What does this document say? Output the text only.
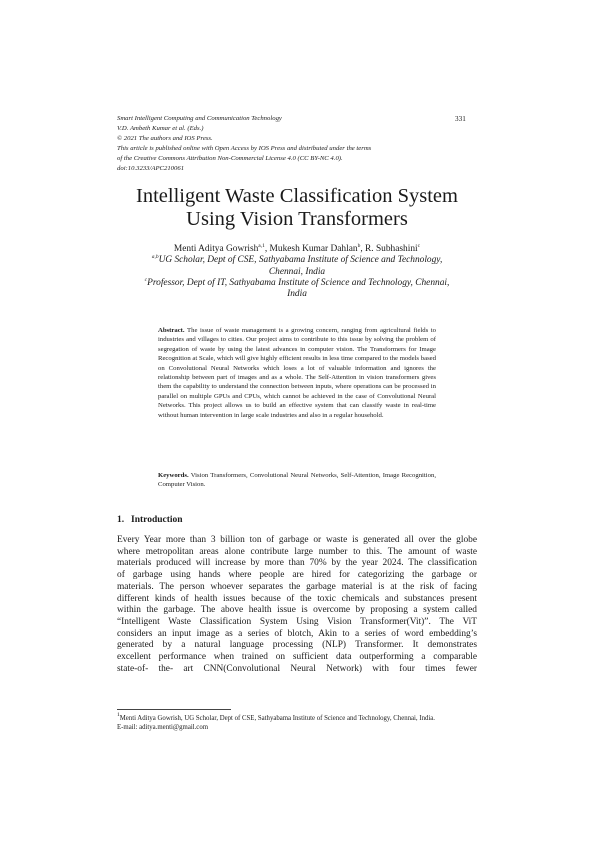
Smart Intelligent Computing and Communication Technology
V.D. Ambeth Kumar et al. (Eds.)
© 2021 The authors and IOS Press.
This article is published online with Open Access by IOS Press and distributed under the terms
of the Creative Commons Attribution Non-Commercial License 4.0 (CC BY-NC 4.0).
doi:10.3233/APC210061
331
Intelligent Waste Classification System
Using Vision Transformers
Menti Aditya Gowrish$^{a,1}$, Mukesh Kumar Dahlan$^b$, R. Subhashini$^c$
$^{a,b}$UG Scholar, Dept of CSE, Sathyabama Institute of Science and Technology,
Chennai, India
$^c$Professor, Dept of IT, Sathyabama Institute of Science and Technology, Chennai,
India
Abstract. The issue of waste management is a growing concern, ranging from agricultural fields to industries and villages to cities. Our project aims to contribute to this issue by solving the problem of segregation of waste by using the latest advances in computer vision. The Transformers for Image Recognition at Scale, which will give highly efficient results in less time compared to the models based on Convolutional Neural Networks which loses a lot of valuable information and ignores the relationship between part of images and as a whole. The Self-Attention in vision transformers gives them the capability to understand the connection between inputs, where operations can be processed in parallel on multiple GPUs and CPUs, which cannot be achieved in the case of Convolutional Neural Networks. This project allows us to build an effective system that can classify waste in real-time without human intervention in large scale industries and also in a regular household.
Keywords. Vision Transformers, Convolutional Neural Networks, Self-Attention, Image Recognition, Computer Vision.
1. Introduction
Every Year more than 3 billion ton of garbage or waste is generated all over the globe
where metropolitan areas alone contribute large number to this. The amount of waste
materials produced will increase by more than 70% by the year 2024. The classification
of garbage using hands where people are hired for categorizing the garbage or
materials. The person whoever separates the garbage material is at the risk of facing
different kinds of health issues because of the toxic chemicals and substances present
within the garbage. The above health issue is overcome by proposing a system called
“Intelligent Waste Classification System Using Vision Transformer(Vit)”. The ViT
considers an input image as a series of blotch, Akin to a series of word embedding’s
generated by a natural language processing (NLP) Transformer. It demonstrates
excellent performance when trained on sufficient data outperforming a comparable
state-of- the- art CNN(Convolutional Neural Network) with four times fewer
$^1$Menti Aditya Gowrish, UG Scholar, Dept of CSE, Sathyabama Institute of Science and Technology, Chennai, India.
E-mail: aditya.menti@gmail.com
